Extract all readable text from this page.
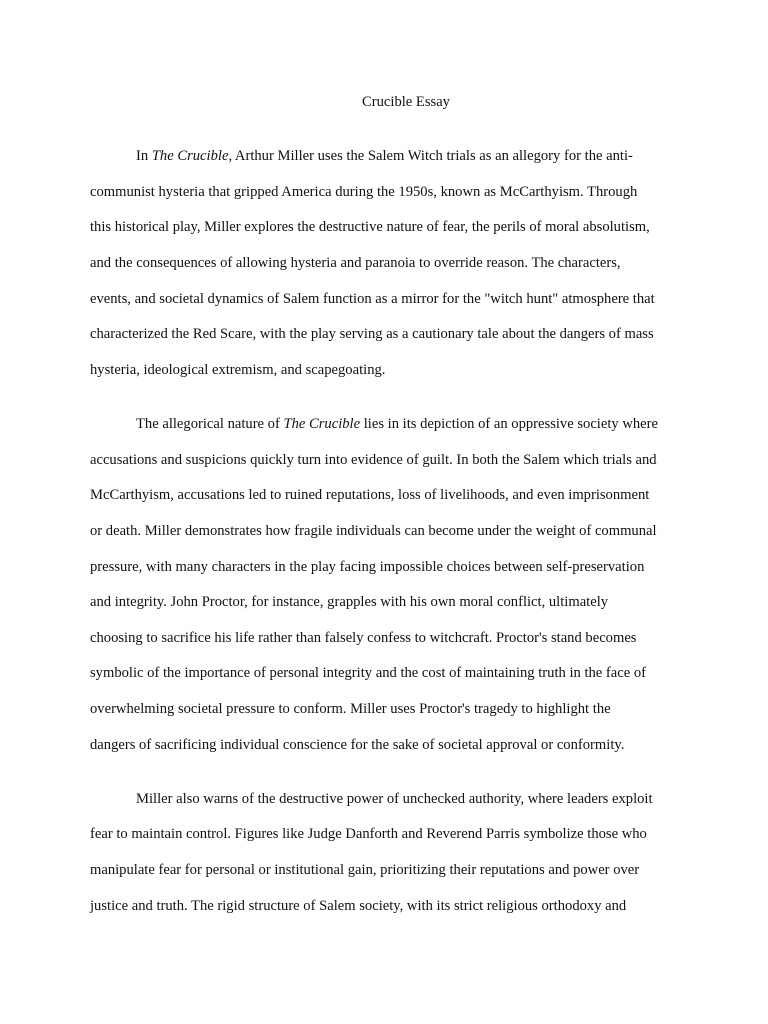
Crucible Essay

In The Crucible, Arthur Miller uses the Salem Witch trials as an allegory for the anti-

communist hysteria that gripped America during the 1950s, known as McCarthyism. Through

this historical play, Miller explores the destructive nature of fear, the perils of moral absolutism,

and the consequences of allowing hysteria and paranoia to override reason. The characters,

events, and societal dynamics of Salem function as a mirror for the "witch hunt" atmosphere that

characterized the Red Scare, with the play serving as a cautionary tale about the dangers of mass

hysteria, ideological extremism, and scapegoating.

The allegorical nature of The Crucible lies in its depiction of an oppressive society where

accusations and suspicions quickly turn into evidence of guilt. In both the Salem which trials and

McCarthyism, accusations led to ruined reputations, loss of livelihoods, and even imprisonment

or death. Miller demonstrates how fragile individuals can become under the weight of communal

pressure, with many characters in the play facing impossible choices between self-preservation

and integrity. John Proctor, for instance, grapples with his own moral conflict, ultimately

choosing to sacrifice his life rather than falsely confess to witchcraft. Proctor's stand becomes

symbolic of the importance of personal integrity and the cost of maintaining truth in the face of

overwhelming societal pressure to conform. Miller uses Proctor's tragedy to highlight the

dangers of sacrificing individual conscience for the sake of societal approval or conformity.

Miller also warns of the destructive power of unchecked authority, where leaders exploit

fear to maintain control. Figures like Judge Danforth and Reverend Parris symbolize those who

manipulate fear for personal or institutional gain, prioritizing their reputations and power over

justice and truth. The rigid structure of Salem society, with its strict religious orthodoxy and
